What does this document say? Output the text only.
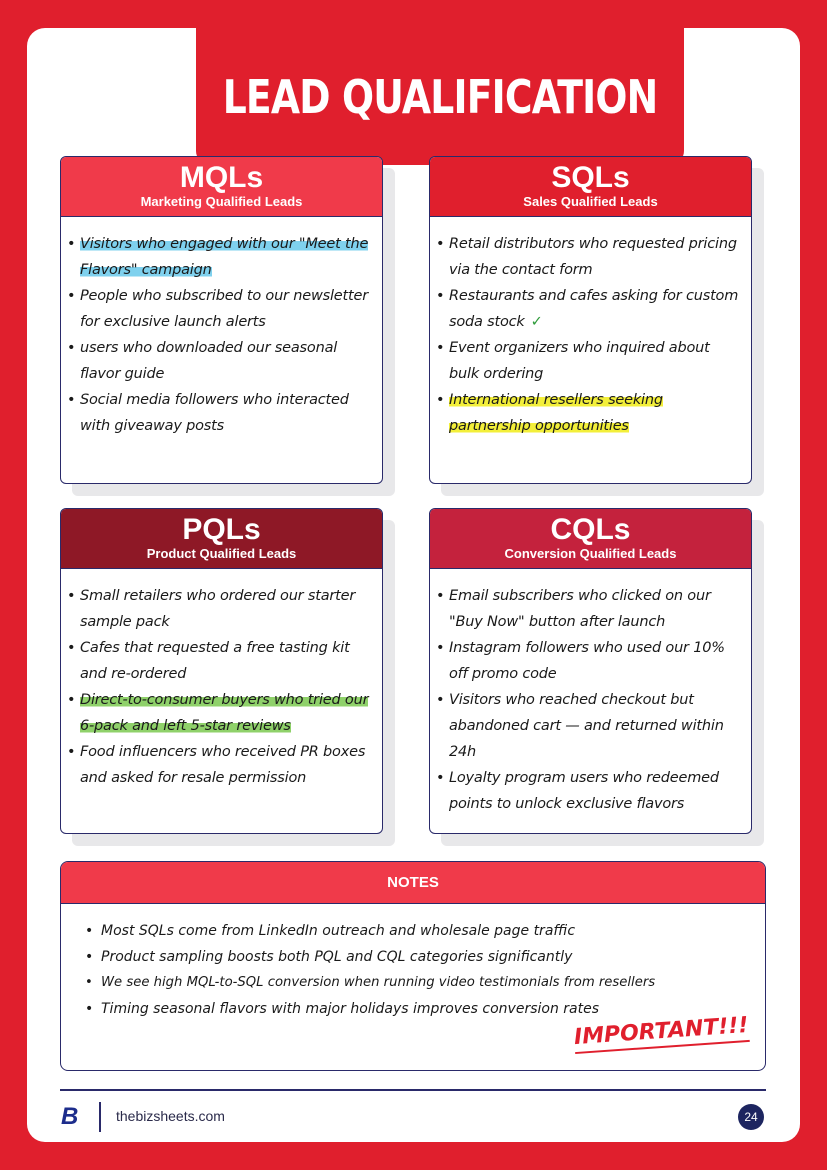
LEAD QUALIFICATION
MQLs
Marketing Qualified Leads
• Visitors who engaged with our "Meet the Flavors" campaign
• People who subscribed to our newsletter for exclusive launch alerts
• users who downloaded our seasonal flavor guide
• Social media followers who interacted with giveaway posts
SQLs
Sales Qualified Leads
• Retail distributors who requested pricing via the contact form
• Restaurants and cafes asking for custom soda stock ✓
• Event organizers who inquired about bulk ordering
• International resellers seeking partnership opportunities
PQLs
Product Qualified Leads
• Small retailers who ordered our starter sample pack
• Cafes that requested a free tasting kit and re-ordered
• Direct-to-consumer buyers who tried our 6-pack and left 5-star reviews
• Food influencers who received PR boxes and asked for resale permission
CQLs
Conversion Qualified Leads
• Email subscribers who clicked on our "Buy Now" button after launch
• Instagram followers who used our 10% off promo code
• Visitors who reached checkout but abandoned cart — and returned within 24h
• Loyalty program users who redeemed points to unlock exclusive flavors
NOTES
• Most SQLs come from LinkedIn outreach and wholesale page traffic
• Product sampling boosts both PQL and CQL categories significantly
• We see high MQL-to-SQL conversion when running video testimonials from resellers
• Timing seasonal flavors with major holidays improves conversion rates
IMPORTANT!!!
B	thebizsheets.com	24
